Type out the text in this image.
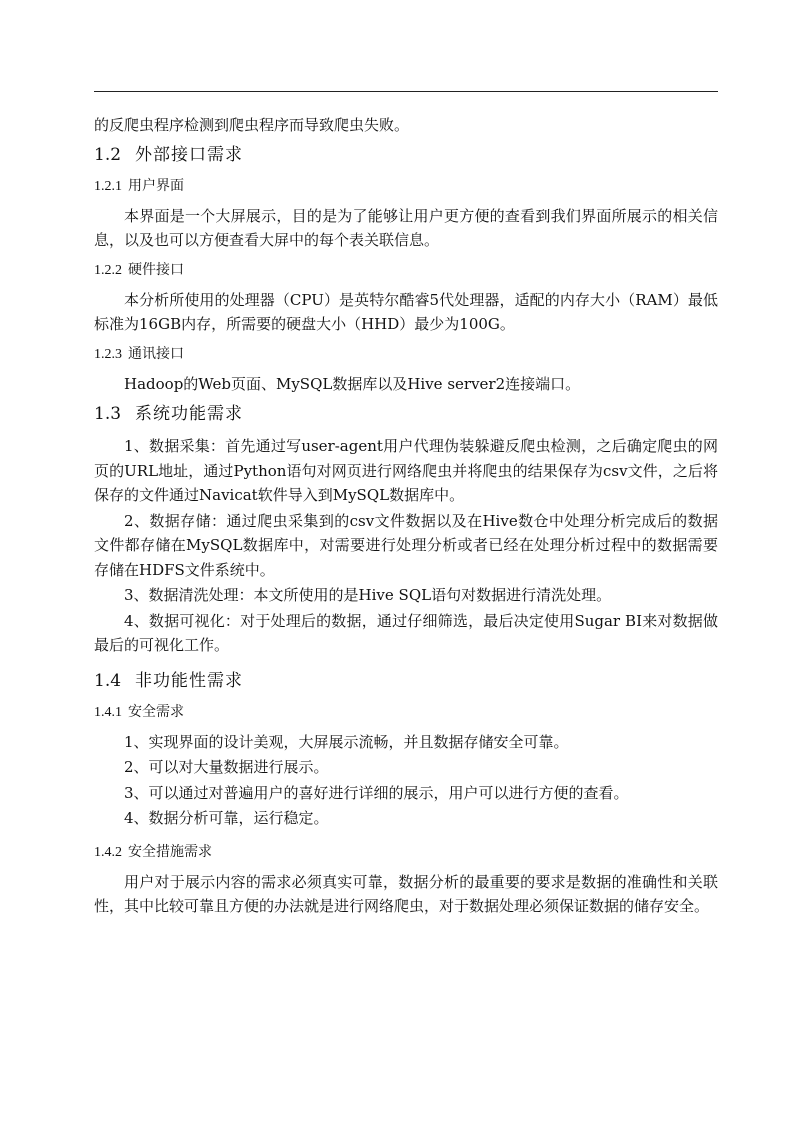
的反爬虫程序检测到爬虫程序而导致爬虫失败。

1.2 外部接口需求
1.2.1 用户界面

本界面是一个大屏展示，目的是为了能够让用户更方便的查看到我们界面所展示的相关信息，以及也可以方便查看大屏中的每个表关联信息。

1.2.2 硬件接口

本分析所使用的处理器（CPU）是英特尔酷睿5代处理器，适配的内存大小（RAM）最低标准为16GB内存，所需要的硬盘大小（HHD）最少为100G。

1.2.3 通讯接口

Hadoop的Web页面、MySQL数据库以及Hive server2连接端口。

1.3 系统功能需求

1、数据采集：首先通过写user-agent用户代理伪装躲避反爬虫检测，之后确定爬虫的网页的URL地址，通过Python语句对网页进行网络爬虫并将爬虫的结果保存为csv文件，之后将保存的文件通过Navicat软件导入到MySQL数据库中。

2、数据存储：通过爬虫采集到的csv文件数据以及在Hive数仓中处理分析完成后的数据文件都存储在MySQL数据库中，对需要进行处理分析或者已经在处理分析过程中的数据需要存储在HDFS文件系统中。

3、数据清洗处理：本文所使用的是Hive SQL语句对数据进行清洗处理。

4、数据可视化：对于处理后的数据，通过仔细筛选，最后决定使用Sugar BI来对数据做最后的可视化工作。

1.4 非功能性需求
1.4.1 安全需求

1、实现界面的设计美观，大屏展示流畅，并且数据存储安全可靠。

2、可以对大量数据进行展示。

3、可以通过对普遍用户的喜好进行详细的展示，用户可以进行方便的查看。

4、数据分析可靠，运行稳定。

1.4.2 安全措施需求

用户对于展示内容的需求必须真实可靠，数据分析的最重要的要求是数据的准确性和关联性，其中比较可靠且方便的办法就是进行网络爬虫，对于数据处理必须保证数据的储存安全。
